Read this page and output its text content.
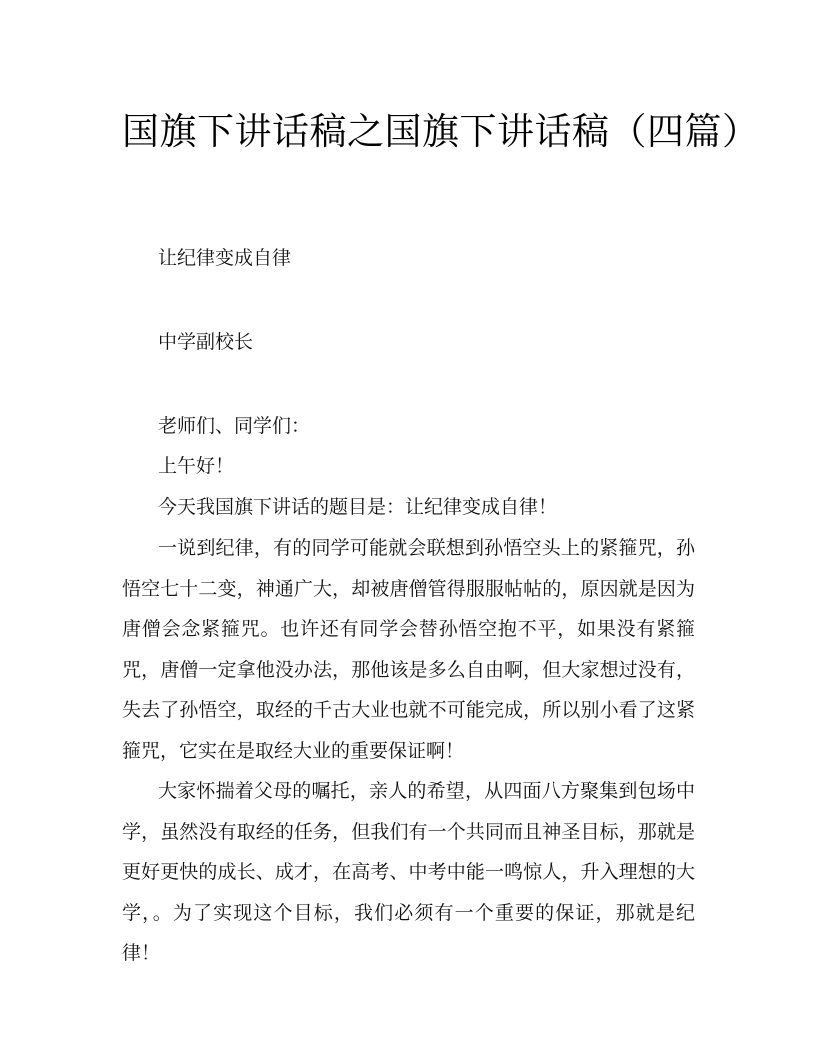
国旗下讲话稿之国旗下讲话稿（四篇）
让纪律变成自律
中学副校长
老师们、同学们：
上午好！
今天我国旗下讲话的题目是：让纪律变成自律！

一说到纪律，有的同学可能就会联想到孙悟空头上的紧箍咒，孙悟空七十二变，神通广大，却被唐僧管得服服帖帖的，原因就是因为唐僧会念紧箍咒。也许还有同学会替孙悟空抱不平，如果没有紧箍咒，唐僧一定拿他没办法，那他该是多么自由啊，但大家想过没有，失去了孙悟空，取经的千古大业也就不可能完成，所以别小看了这紧箍咒，它实在是取经大业的重要保证啊！

大家怀揣着父母的嘱托，亲人的希望，从四面八方聚集到包场中学，虽然没有取经的任务，但我们有一个共同而且神圣目标，那就是更好更快的成长、成才，在高考、中考中能一鸣惊人，升入理想的大学，。为了实现这个目标，我们必须有一个重要的保证，那就是纪律！
